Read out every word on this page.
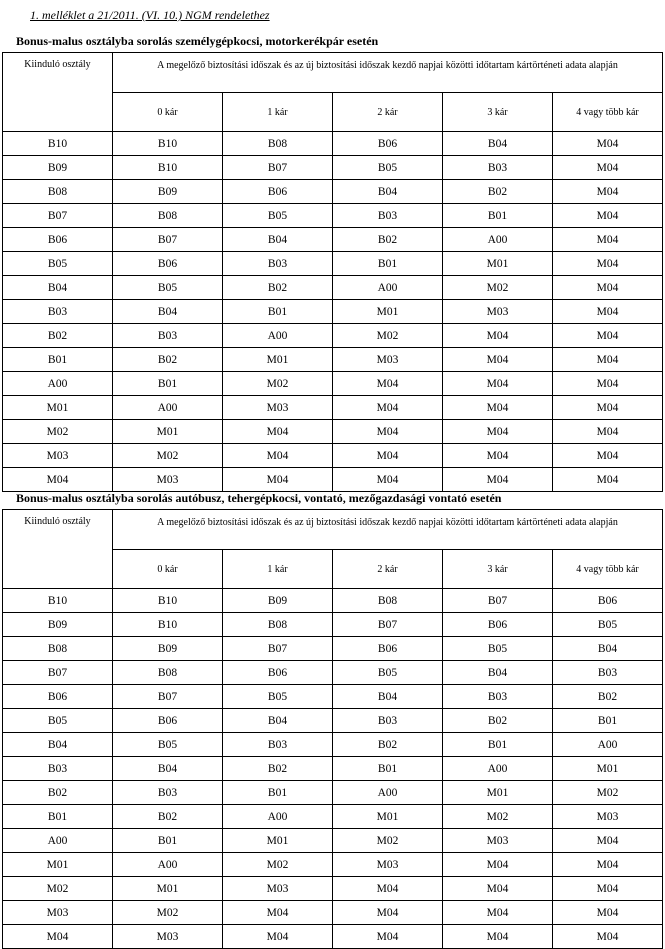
1. melléklet a 21/2011. (VI. 10.) NGM rendelethez
Bonus-malus osztályba sorolás személygépkocsi, motorkerékpár esetén
Kiinduló osztály	A megelőző biztosítási időszak és az új biztosítási időszak kezdő napjai közötti időtartam kártörténeti adata alapján				
	0 kár	1 kár	2 kár	3 kár	4 vagy több kár
B10	B10	B08	B06	B04	M04
B09	B10	B07	B05	B03	M04
B08	B09	B06	B04	B02	M04
B07	B08	B05	B03	B01	M04
B06	B07	B04	B02	A00	M04
B05	B06	B03	B01	M01	M04
B04	B05	B02	A00	M02	M04
B03	B04	B01	M01	M03	M04
B02	B03	A00	M02	M04	M04
B01	B02	M01	M03	M04	M04
A00	B01	M02	M04	M04	M04
M01	A00	M03	M04	M04	M04
M02	M01	M04	M04	M04	M04
M03	M02	M04	M04	M04	M04
M04	M03	M04	M04	M04	M04
Bonus-malus osztályba sorolás autóbusz, tehergépkocsi, vontató, mezőgazdasági vontató esetén
Kiinduló osztály	A megelőző biztosítási időszak és az új biztosítási időszak kezdő napjai közötti időtartam kártörténeti adata alapján				
	0 kár	1 kár	2 kár	3 kár	4 vagy több kár
B10	B10	B09	B08	B07	B06
B09	B10	B08	B07	B06	B05
B08	B09	B07	B06	B05	B04
B07	B08	B06	B05	B04	B03
B06	B07	B05	B04	B03	B02
B05	B06	B04	B03	B02	B01
B04	B05	B03	B02	B01	A00
B03	B04	B02	B01	A00	M01
B02	B03	B01	A00	M01	M02
B01	B02	A00	M01	M02	M03
A00	B01	M01	M02	M03	M04
M01	A00	M02	M03	M04	M04
M02	M01	M03	M04	M04	M04
M03	M02	M04	M04	M04	M04
M04	M03	M04	M04	M04	M04
